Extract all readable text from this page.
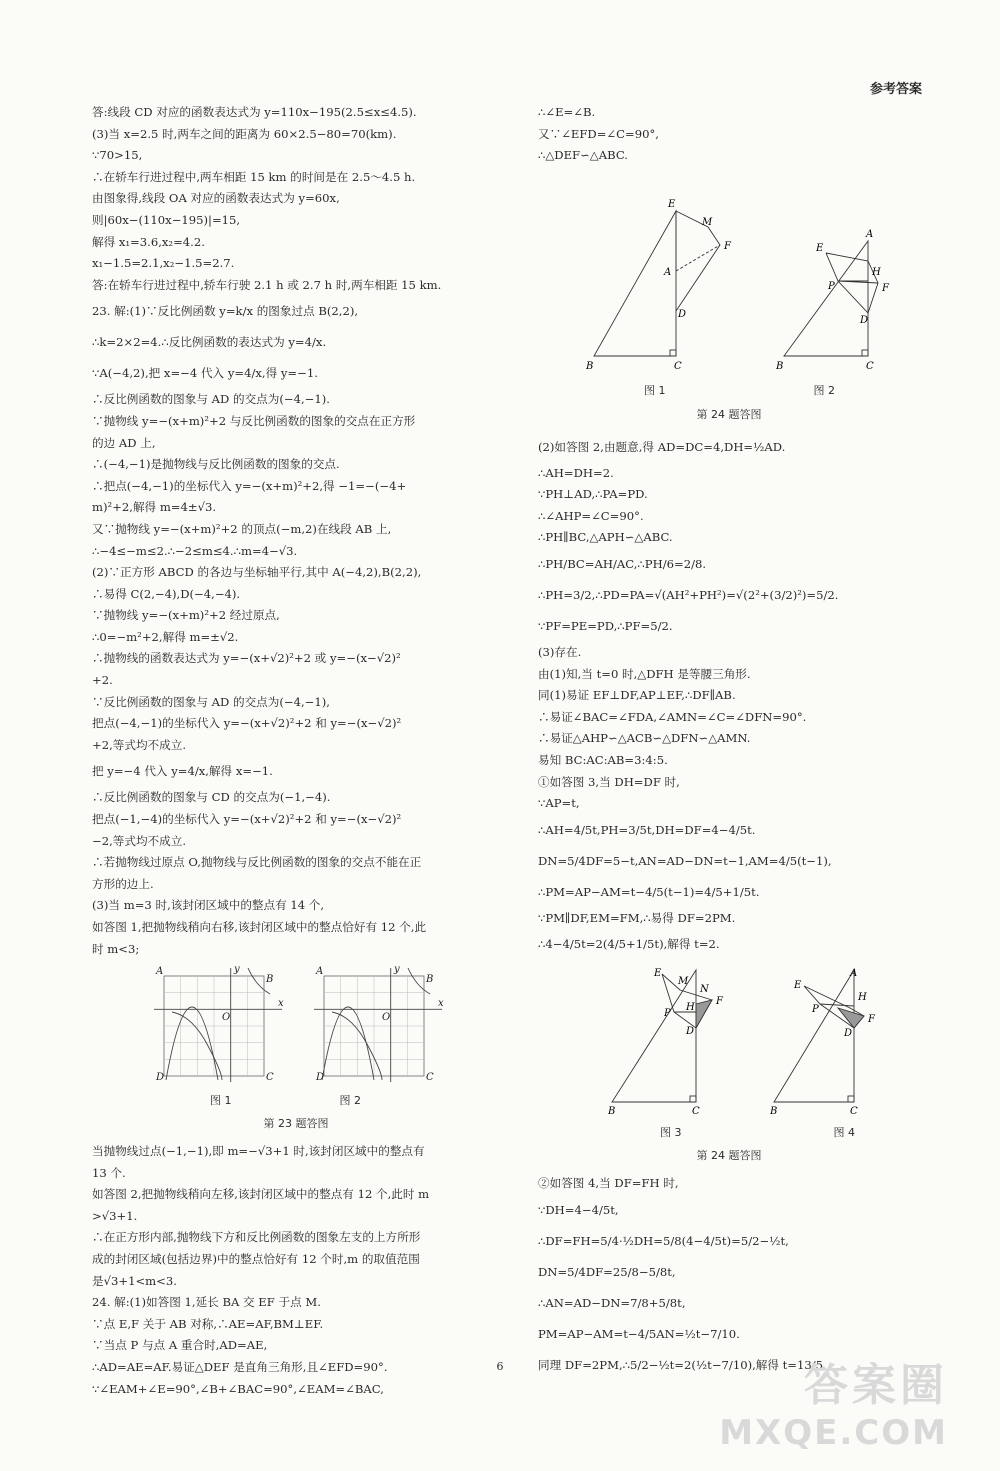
参考答案
答:线段 CD 对应的函数表达式为 y=110x−195(2.5≤x≤4.5).
(3)当 x=2.5 时,两车之间的距离为 60×2.5−80=70(km).
∵70>15,
∴在轿车行进过程中,两车相距 15 km 的时间是在 2.5～4.5 h.
由图象得,线段 OA 对应的函数表达式为 y=60x,
则|60x−(110x−195)|=15,
解得 x₁=3.6,x₂=4.2.
x₁−1.5=2.1,x₂−1.5=2.7.
答:在轿车行进过程中,轿车行驶 2.1 h 或 2.7 h 时,两车相距 15 km.
23. 解:(1)∵反比例函数 y=k/x 的图象过点 B(2,2),
∴k=2×2=4.∴反比例函数的表达式为 y=4/x.
∵A(−4,2),把 x=−4 代入 y=4/x,得 y=−1.
∴反比例函数的图象与 AD 的交点为(−4,−1).
∵抛物线 y=−(x+m)²+2 与反比例函数的图象的交点在正方形
的边 AD 上,
∴(−4,−1)是抛物线与反比例函数的图象的交点.
∴把点(−4,−1)的坐标代入 y=−(x+m)²+2,得 −1=−(−4+
m)²+2,解得 m=4±√3.
又∵抛物线 y=−(x+m)²+2 的顶点(−m,2)在线段 AB 上,
∴−4≤−m≤2.∴−2≤m≤4.∴m=4−√3.
(2)∵正方形 ABCD 的各边与坐标轴平行,其中 A(−4,2),B(2,2),
∴易得 C(2,−4),D(−4,−4).
∵抛物线 y=−(x+m)²+2 经过原点,
∴0=−m²+2,解得 m=±√2.
∴抛物线的函数表达式为 y=−(x+√2)²+2 或 y=−(x−√2)²
+2.
∵反比例函数的图象与 AD 的交点为(−4,−1),
把点(−4,−1)的坐标代入 y=−(x+√2)²+2 和 y=−(x−√2)²
+2,等式均不成立.
把 y=−4 代入 y=4/x,解得 x=−1.
∴反比例函数的图象与 CD 的交点为(−1,−4).
把点(−1,−4)的坐标代入 y=−(x+√2)²+2 和 y=−(x−√2)²
−2,等式均不成立.
∴若抛物线过原点 O,抛物线与反比例函数的图象的交点不能在正
方形的边上.
(3)当 m=3 时,该封闭区域中的整点有 14 个,
如答图 1,把抛物线稍向右移,该封闭区域中的整点恰好有 12 个,此
时 m<3;
A
B
D	C
O
y
x
A
B
D	C
O
y
x
图 1	图 2
第 23 题答图
当抛物线过点(−1,−1),即 m=−√3+1 时,该封闭区域中的整点有
13 个.
如答图 2,把抛物线稍向左移,该封闭区域中的整点有 12 个,此时 m
>√3+1.
∴在正方形内部,抛物线下方和反比例函数的图象左支的上方所形
成的封闭区域(包括边界)中的整点恰好有 12 个时,m 的取值范围
是√3+1<m<3.
24. 解:(1)如答图 1,延长 BA 交 EF 于点 M.
∵点 E,F 关于 AB 对称,∴AE=AF,BM⊥EF.
∵当点 P 与点 A 重合时,AD=AE,
∴AD=AE=AF.易证△DEF 是直角三角形,且∠EFD=90°.
∵∠EAM+∠E=90°,∠B+∠BAC=90°,∠EAM=∠BAC,
∴∠E=∠B.
又∵∠EFD=∠C=90°,
∴△DEF∽△ABC.
E
M
A
F
D
B	C
E
A
H
P	F
D
B	C
图 1	图 2
第 24 题答图
(2)如答图 2,由题意,得 AD=DC=4,DH=½AD.
∴AH=DH=2.
∵PH⊥AD,∴PA=PD.
∴∠AHP=∠C=90°.
∴PH∥BC,△APH∽△ABC.
∴PH/BC=AH/AC,∴PH/6=2/8.
∴PH=3/2,∴PD=PA=√(AH²+PH²)=√(2²+(3/2)²)=5/2.
∵PF=PE=PD,∴PF=5/2.
(3)存在.
由(1)知,当 t=0 时,△DFH 是等腰三角形.
同(1)易证 EF⊥DF,AP⊥EF,∴DF∥AB.
∴易证∠BAC=∠FDA,∠AMN=∠C=∠DFN=90°.
∴易证△AHP∽△ACB∽△DFN∽△AMN.
易知 BC:AC:AB=3:4:5.
①如答图 3,当 DH=DF 时,
∵AP=t,
∴AH=4/5t,PH=3/5t,DH=DF=4−4/5t.
DN=5/4DF=5−t,AN=AD−DN=t−1,AM=4/5(t−1),
∴PM=AP−AM=t−4/5(t−1)=4/5+1/5t.
∵PM∥DF,EM=FM,∴易得 DF=2PM.
∴4−4/5t=2(4/5+1/5t),解得 t=2.
E
M
N
P
H
F
D
B	C
E
A
H
P
F
D
B	C
图 3	图 4
第 24 题答图
②如答图 4,当 DF=FH 时,
∵DH=4−4/5t,
∴DF=FH=5/4·½DH=5/8(4−4/5t)=5/2−½t,
DN=5/4DF=25/8−5/8t,
∴AN=AD−DN=7/8+5/8t,
PM=AP−AM=t−4/5AN=½t−7/10.
同理 DF=2PM,∴5/2−½t=2(½t−7/10),解得 t=13/5.
6	答案圈
MXQE.COM
